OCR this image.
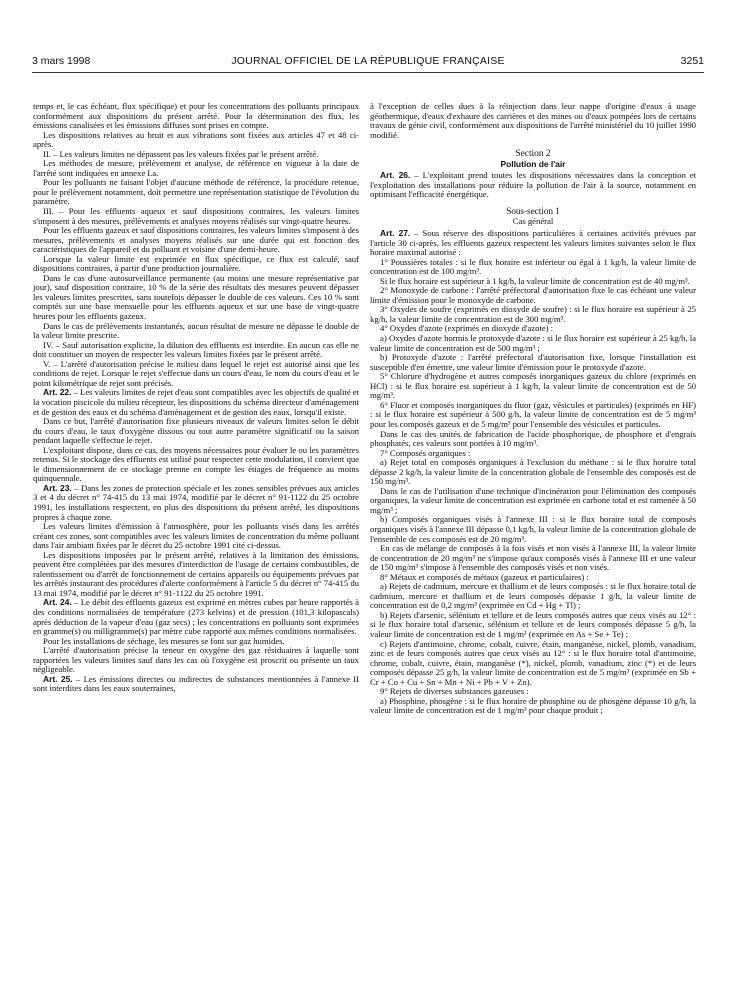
3 mars 1998	JOURNAL OFFICIEL DE LA RÉPUBLIQUE FRANÇAISE	3251

temps et, le cas échéant, flux spécifique) et pour les concentrations des polluants principaux conformément aux dispositions du présent arrêté. Pour la détermination des flux, les émissions canalisées et les émissions diffuses sont prises en compte.

Les dispositions relatives au bruit et aux vibrations sont fixées aux articles 47 et 48 ci-après.

II. – Les valeurs limites ne dépassent pas les valeurs fixées par le présent arrêté.

Les méthodes de mesure, prélèvement et analyse, de référence en vigueur à la date de l'arrêté sont indiquées en annexe I.a.

Pour les polluants ne faisant l'objet d'aucune méthode de référence, la procédure retenue, pour le prélèvement notamment, doit permettre une représentation statistique de l'évolution du paramètre.

III. – Pour les effluents aqueux et sauf dispositions contraires, les valeurs limites s'imposent à des mesures, prélèvements et analyses moyens réalisés sur vingt-quatre heures.

Pour les effluents gazeux et sauf dispositions contraires, les valeurs limites s'imposent à des mesures, prélèvements et analyses moyens réalisés sur une durée qui est fonction des caractéristiques de l'appareil et du polluant et voisine d'une demi-heure.

Lorsque la valeur limite est exprimée en flux spécifique, ce flux est calculé, sauf dispositions contraires, à partir d'une production journalière.

Dans le cas d'une autosurveillance permanente (au moins une mesure représentative par jour), sauf disposition contraire, 10 % de la série des résultats des mesures peuvent dépasser les valeurs limites prescrites, sans toutefois dépasser le double de ces valeurs. Ces 10 % sont comptés sur une base mensuelle pour les effluents aqueux et sur une base de vingt-quatre heures pour les effluents gazeux.

Dans le cas de prélèvements instantanés, aucun résultat de mesure ne dépasse le double de la valeur limite prescrite.

IV. – Sauf autorisation explicite, la dilution des effluents est interdite. En aucun cas elle ne doit constituer un moyen de respecter les valeurs limites fixées par le présent arrêté.

V. – L'arrêté d'autorisation précise le milieu dans lequel le rejet est autorisé ainsi que les conditions de rejet. Lorsque le rejet s'effectue dans un cours d'eau, le nom du cours d'eau et le point kilométrique de rejet sont précisés.

Art. 22. – Les valeurs limites de rejet d'eau sont compatibles avec les objectifs de qualité et la vocation piscicole du milieu récepteur, les dispositions du schéma directeur d'aménagement et de gestion des eaux et du schéma d'aménagement et de gestion des eaux, lorsqu'il existe.

Dans ce but, l'arrêté d'autorisation fixe plusieurs niveaux de valeurs limites selon le débit du cours d'eau, le taux d'oxygène dissous ou tout autre paramètre significatif ou la saison pendant laquelle s'effectue le rejet.

L'exploitant dispose, dans ce cas, des moyens nécessaires pour évaluer le ou les paramètres retenus. Si le stockage des effluents est utilisé pour respecter cette modulation, il convient que le dimensionnement de ce stockage prenne en compte les étiages de fréquence au moins quinquennale.

Art. 23. – Dans les zones de protection spéciale et les zones sensibles prévues aux articles 3 et 4 du décret n° 74-415 du 13 mai 1974, modifié par le décret n° 91-1122 du 25 octobre 1991, les installations respectent, en plus des dispositions du présent arrêté, les dispositions propres à chaque zone.

Les valeurs limites d'émission à l'atmosphère, pour les polluants visés dans les arrêtés créant ces zones, sont compatibles avec les valeurs limites de concentration du même polluant dans l'air ambiant fixées par le décret du 25 octobre 1991 cité ci-dessus.

Les dispositions imposées par le présent arrêté, relatives à la limitation des émissions, peuvent être complétées par des mesures d'interdiction de l'usage de certains combustibles, de ralentissement ou d'arrêt de fonctionnement de certains appareils ou équipements prévues par les arrêtés instaurant des procédures d'alerte conformément à l'article 5 du décret n° 74-415 du 13 mai 1974, modifié par le décret n° 91-1122 du 25 octobre 1991.

Art. 24. – Le débit des effluents gazeux est exprimé en mètres cubes par heure rapportés à des conditions normalisées de température (273 kelvins) et de pression (101,3 kilopascals) après déduction de la vapeur d'eau (gaz secs) ; les concentrations en polluants sont exprimées en gramme(s) ou milligramme(s) par mètre cube rapporté aux mêmes conditions normalisées.

Pour les installations de séchage, les mesures se font sur gaz humides.

L'arrêté d'autorisation précise la teneur en oxygène des gaz résiduaires à laquelle sont rapportées les valeurs limites sauf dans les cas où l'oxygène est proscrit ou présente un taux négligeable.

Art. 25. – Les émissions directes ou indirectes de substances mentionnées à l'annexe II sont interdites dans les eaux souterraines,

à l'exception de celles dues à la réinjection dans leur nappe d'origine d'eaux à usage géothermique, d'eaux d'exhaure des carrières et des mines ou d'eaux pompées lors de certains travaux de génie civil, conformément aux dispositions de l'arrêté ministériel du 10 juillet 1990 modifié.

Section 2

Pollution de l'air

Art. 26. – L'exploitant prend toutes les dispositions nécessaires dans la conception et l'exploitation des installations pour réduire la pollution de l'air à la source, notamment en optimisant l'efficacité énergétique.

Sous-section 1

Cas général

Art. 27. – Sous réserve des dispositions particulières à certaines activités prévues par l'article 30 ci-après, les effluents gazeux respectent les valeurs limites suivantes selon le flux horaire maximal autorisé :

1° Poussières totales : si le flux horaire est inférieur ou égal à 1 kg/h, la valeur limite de concentration est de 100 mg/m³.

Si le flux horaire est supérieur à 1 kg/h, la valeur limite de concentration est de 40 mg/m³.

2° Monoxyde de carbone : l'arrêté préfectoral d'autorisation fixe le cas échéant une valeur limite d'émission pour le monoxyde de carbone.

3° Oxydes de soufre (exprimés en dioxyde de soufre) : si le flux horaire est supérieur à 25 kg/h, la valeur limite de concentration est de 300 mg/m³.

4° Oxydes d'azote (exprimés en dioxyde d'azote) :

a) Oxydes d'azote hormis le protoxyde d'azote : si le flux horaire est supérieur à 25 kg/h, la valeur limite de concentration est de 500 mg/m³ ;

b) Protoxyde d'azote : l'arrêté préfectoral d'autorisation fixe, lorsque l'installation est susceptible d'en émettre, une valeur limite d'émission pour le protoxyde d'azote.

5° Chlorure d'hydrogène et autres composés inorganiques gazeux du chlore (exprimés en HCl) : si le flux horaire est supérieur à 1 kg/h, la valeur limite de concentration est de 50 mg/m³.

6° Fluor et composés inorganiques du fluor (gaz, vésicules et particules) (exprimés en HF) : si le flux horaire est supérieur à 500 g/h, la valeur limite de concentration est de 5 mg/m³ pour les composés gazeux et de 5 mg/m³ pour l'ensemble des vésicules et particules.

Dans le cas des unités de fabrication de l'acide phosphorique, de phosphore et d'engrais phosphatés, ces valeurs sont portées à 10 mg/m³.

7° Composés organiques :

a) Rejet total en composés organiques à l'exclusion du méthane : si le flux horaire total dépasse 2 kg/h, la valeur limite de la concentration globale de l'ensemble des composés est de 150 mg/m³.

Dans le cas de l'utilisation d'une technique d'incinération pour l'élimination des composés organiques, la valeur limite de concentration est exprimée en carbone total et est ramenée à 50 mg/m³ ;

b) Composés organiques visés à l'annexe III : si le flux horaire total de composés organiques visés à l'annexe III dépasse 0,1 kg/h, la valeur limite de la concentration globale de l'ensemble de ces composés est de 20 mg/m³.

En cas de mélange de composés à la fois visés et non visés à l'annexe III, la valeur limite de concentration de 20 mg/m³ ne s'impose qu'aux composés visés à l'annexe III et une valeur de 150 mg/m³ s'impose à l'ensemble des composés visés et non visés.

8° Métaux et composés de métaux (gazeux et particulaires) :

a) Rejets de cadmium, mercure et thallium et de leurs composés : si le flux horaire total de cadmium, mercure et thallium et de leurs composés dépasse 1 g/h, la valeur limite de concentration est de 0,2 mg/m³ (exprimée en Cd + Hg + Tl) ;

b) Rejets d'arsenic, sélénium et tellure et de leurs composés autres que ceux visés au 12° : si le flux horaire total d'arsenic, sélénium et tellure et de leurs composés dépasse 5 g/h, la valeur limite de concentration est de 1 mg/m³ (exprimée en As + Se + Te) ;

c) Rejets d'antimoine, chrome, cobalt, cuivre, étain, manganèse, nickel, plomb, vanadium, zinc et de leurs composés autres que ceux visés au 12° : si le flux horaire total d'antimoine, chrome, cobalt, cuivre, étain, manganèse (*), nickel, plomb, vanadium, zinc (*) et de leurs composés dépasse 25 g/h, la valeur limite de concentration est de 5 mg/m³ (exprimée en Sb + Cr + Co + Cu + Sn + Mn + Ni + Pb + V + Zn).

9° Rejets de diverses substances gazeuses :

a) Phosphine, phosgène : si le flux horaire de phosphine ou de phosgène dépasse 10 g/h, la valeur limite de concentration est de 1 mg/m³ pour chaque produit ;
